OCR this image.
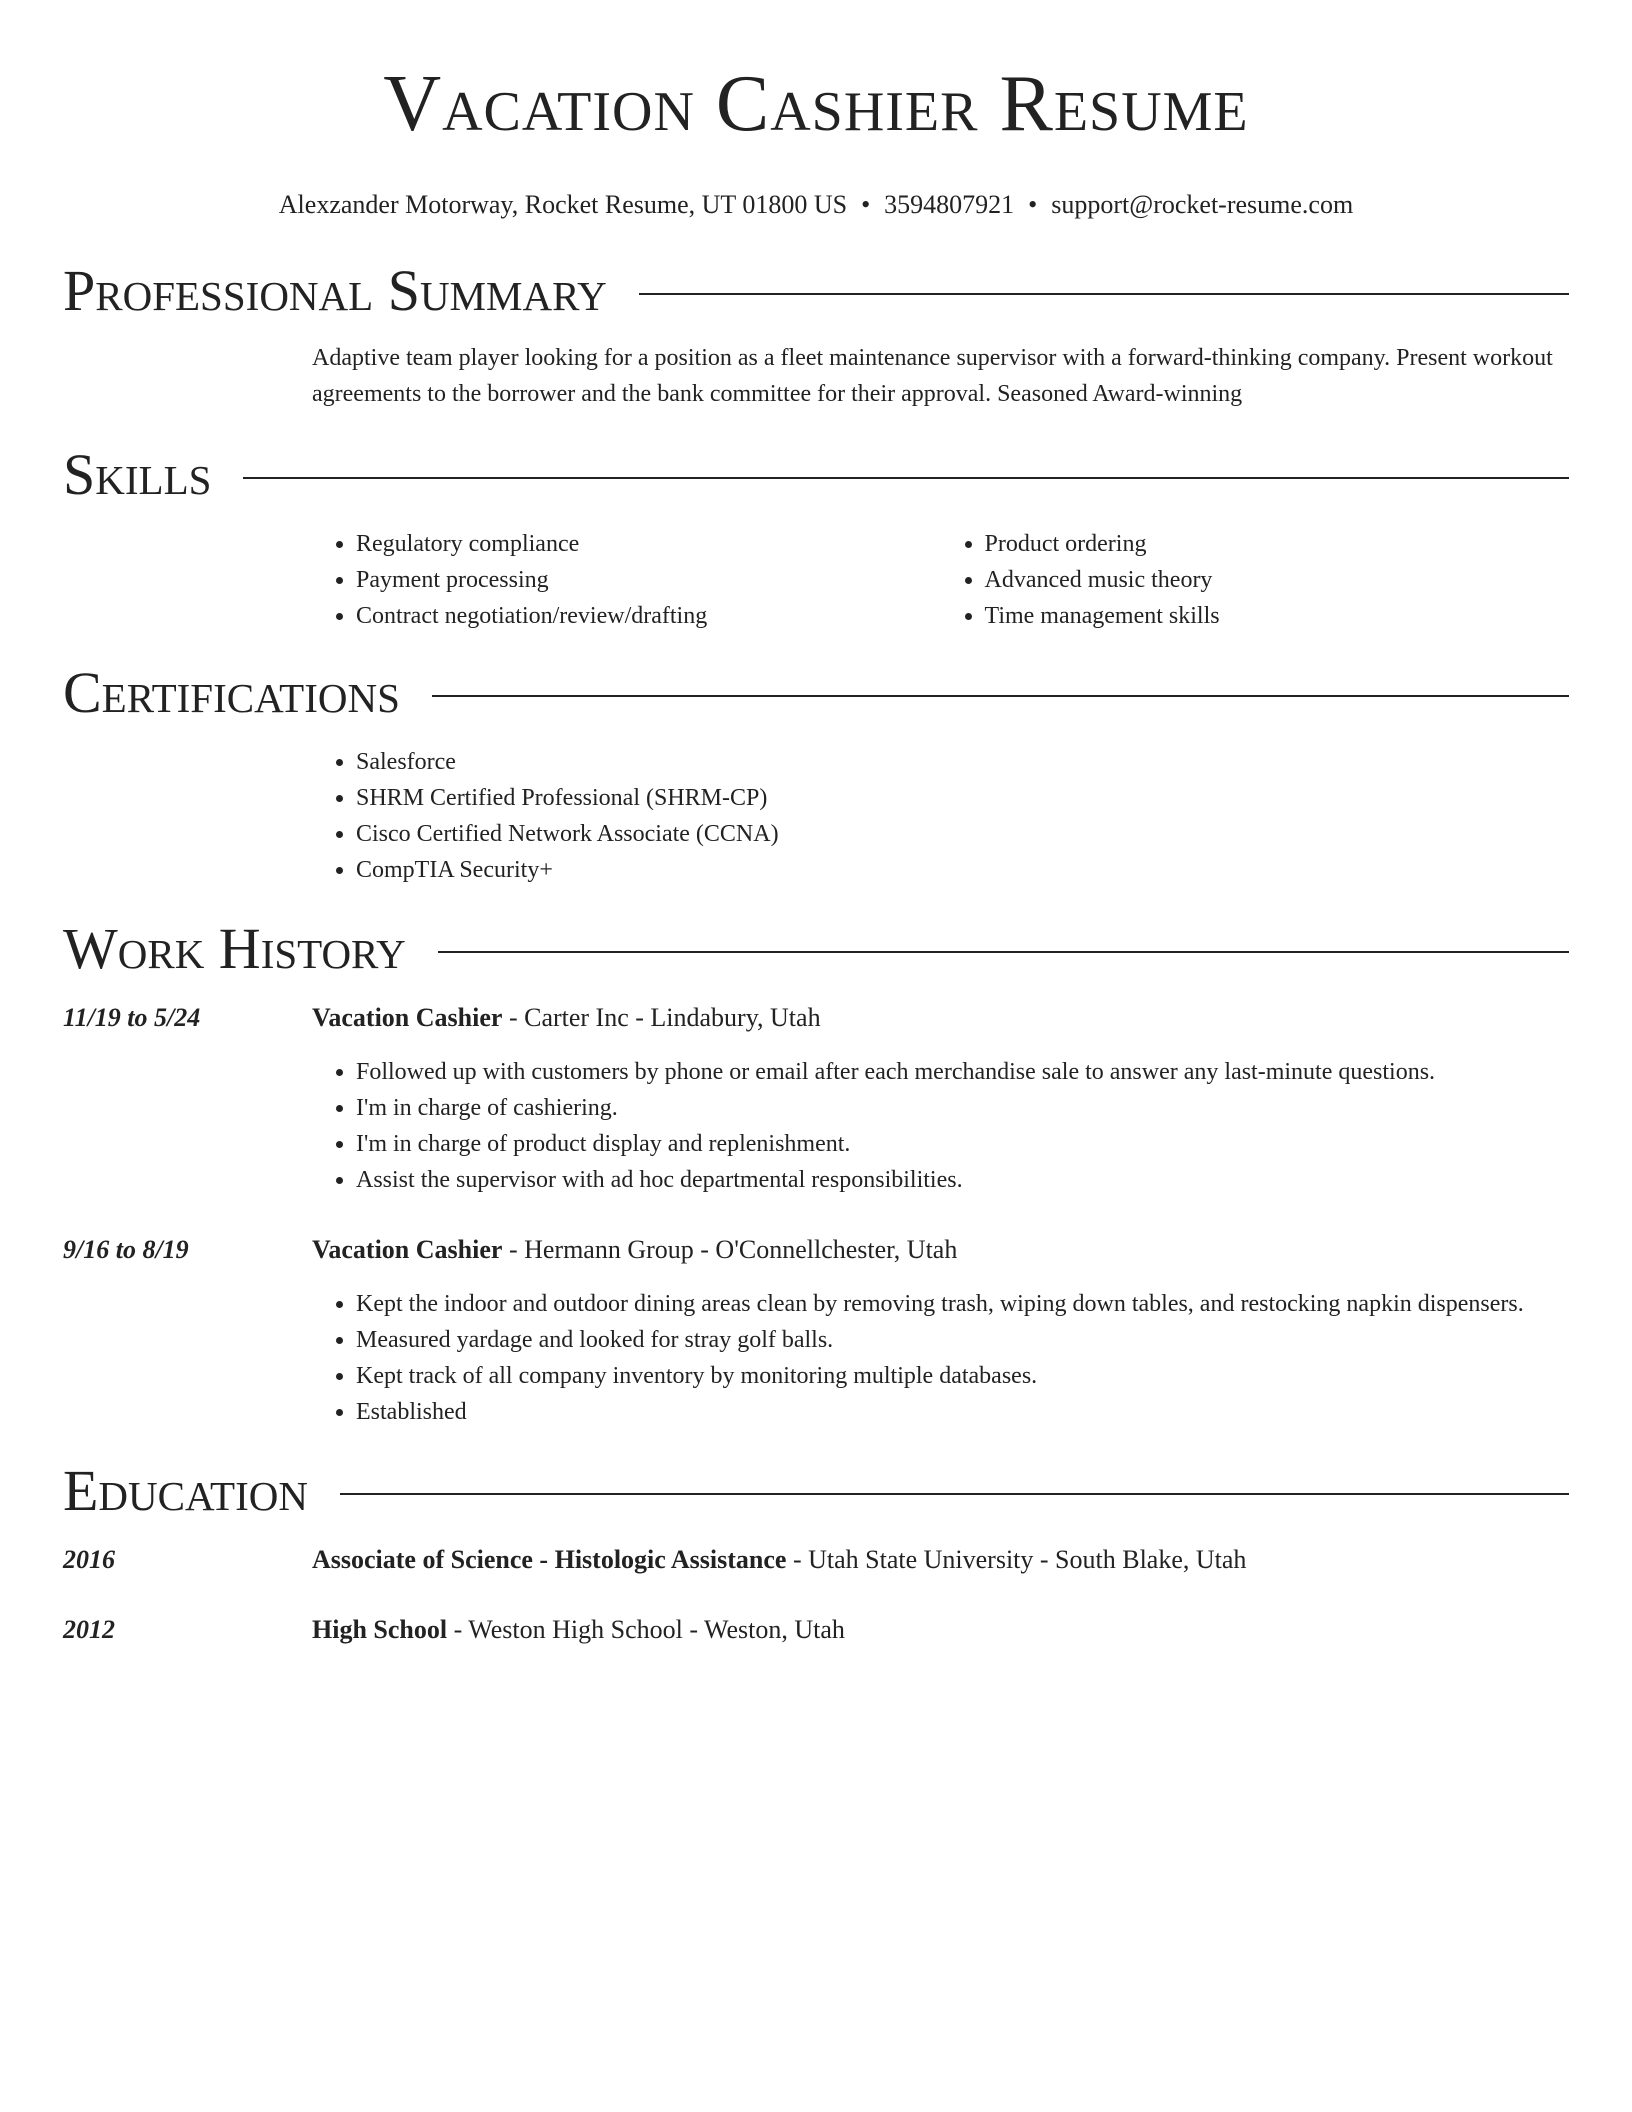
Vacation Cashier Resume
Alexzander Motorway, Rocket Resume, UT 01800 US • 3594807921 • support@rocket-resume.com
Professional Summary
Adaptive team player looking for a position as a fleet maintenance supervisor with a forward-thinking company. Present workout agreements to the borrower and the bank committee for their approval. Seasoned Award-winning
Skills
• Regulatory compliance
• Payment processing
• Contract negotiation/review/drafting
• Product ordering
• Advanced music theory
• Time management skills
Certifications
• Salesforce
• SHRM Certified Professional (SHRM-CP)
• Cisco Certified Network Associate (CCNA)
• CompTIA Security+
Work History
11/19 to 5/24	Vacation Cashier - Carter Inc - Lindabury, Utah
• Followed up with customers by phone or email after each merchandise sale to answer any last-minute questions.
• I'm in charge of cashiering.
• I'm in charge of product display and replenishment.
• Assist the supervisor with ad hoc departmental responsibilities.
9/16 to 8/19	Vacation Cashier - Hermann Group - O'Connellchester, Utah
• Kept the indoor and outdoor dining areas clean by removing trash, wiping down tables, and restocking napkin dispensers.
• Measured yardage and looked for stray golf balls.
• Kept track of all company inventory by monitoring multiple databases.
• Established
Education
2016	Associate of Science - Histologic Assistance - Utah State University - South Blake, Utah
2012	High School - Weston High School - Weston, Utah
